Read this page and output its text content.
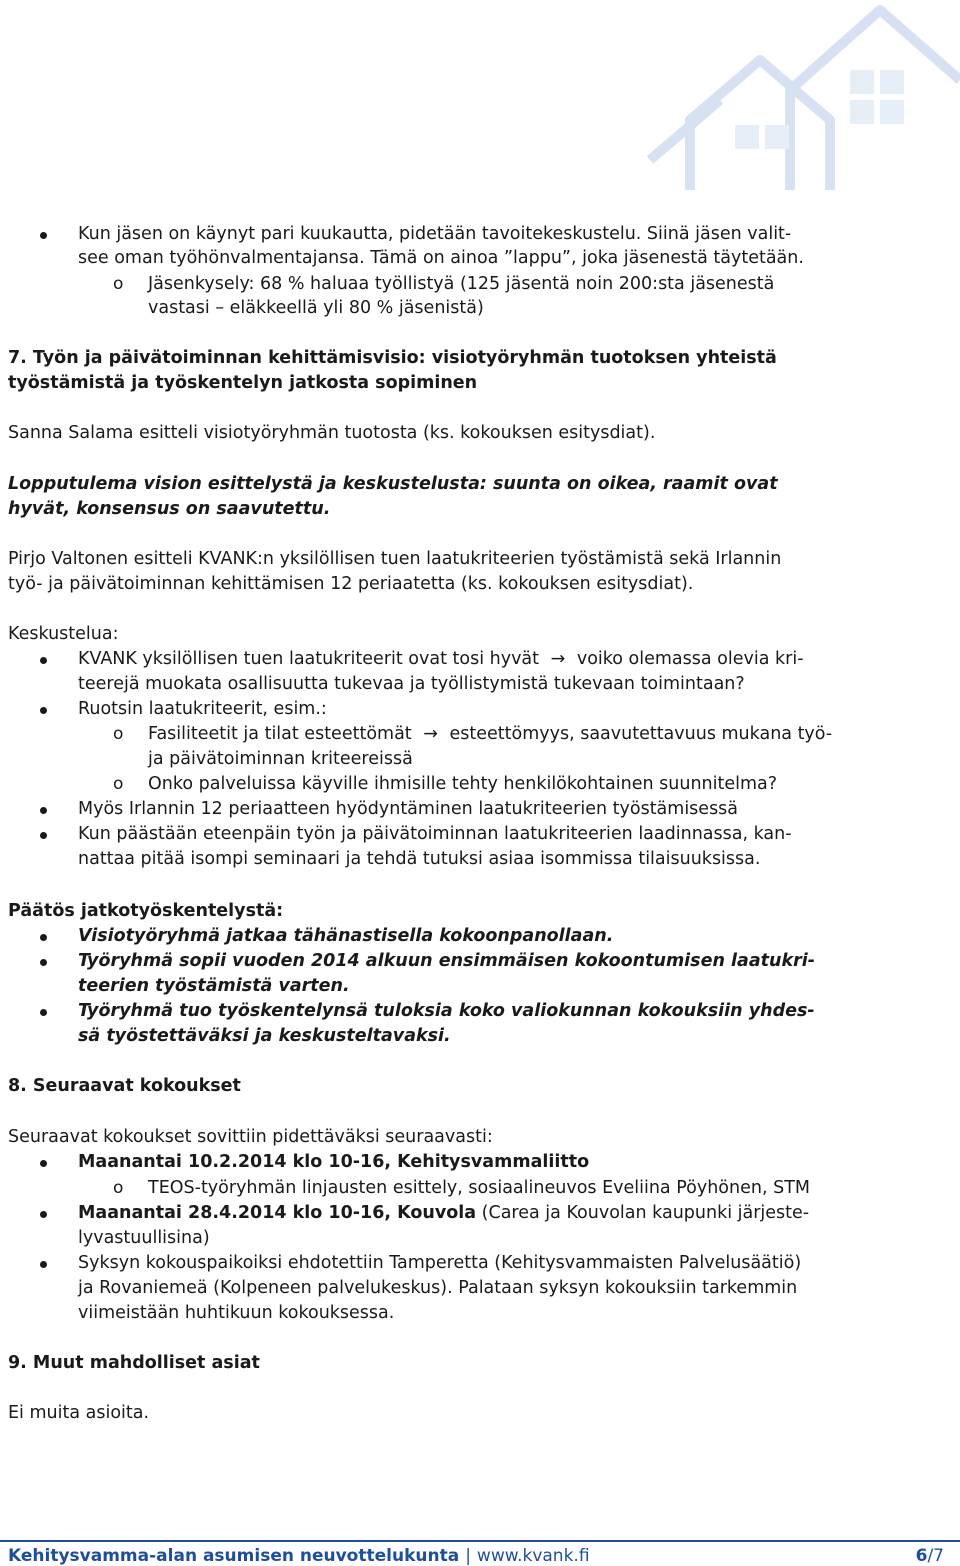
Kun jäsen on käynyt pari kuukautta, pidetään tavoitekeskustelu. Siinä jäsen valit-
see oman työhönvalmentajansa. Tämä on ainoa ”lappu”, joka jäsenestä täytetään.
o Jäsenkysely: 68 % haluaa työllistyä (125 jäsentä noin 200:sta jäsenestä
vastasi – eläkkeellä yli 80 % jäsenistä)
7. Työn ja päivätoiminnan kehittämisvisio: visiotyöryhmän tuotoksen yhteistä
työstämistä ja työskentelyn jatkosta sopiminen
Sanna Salama esitteli visiotyöryhmän tuotosta (ks. kokouksen esitysdiat).
Lopputulema vision esittelystä ja keskustelusta: suunta on oikea, raamit ovat
hyvät, konsensus on saavutettu.
Pirjo Valtonen esitteli KVANK:n yksilöllisen tuen laatukriteerien työstämistä sekä Irlannin
työ- ja päivätoiminnan kehittämisen 12 periaatetta (ks. kokouksen esitysdiat).
Keskustelua:
KVANK yksilöllisen tuen laatukriteerit ovat tosi hyvät → voiko olemassa olevia kri-
teerejä muokata osallisuutta tukevaa ja työllistymistä tukevaan toimintaan?
Ruotsin laatukriteerit, esim.:
o Fasiliteetit ja tilat esteettömät → esteettömyys, saavutettavuus mukana työ-
ja päivätoiminnan kriteereissä
o Onko palveluissa käyville ihmisille tehty henkilökohtainen suunnitelma?
Myös Irlannin 12 periaatteen hyödyntäminen laatukriteerien työstämisessä
Kun päästään eteenpäin työn ja päivätoiminnan laatukriteerien laadinnassa, kan-
nattaa pitää isompi seminaari ja tehdä tutuksi asiaa isommissa tilaisuuksissa.
Päätös jatkotyöskentelystä:
Visiotyöryhmä jatkaa tähänastisella kokoonpanollaan.
Työryhmä sopii vuoden 2014 alkuun ensimmäisen kokoontumisen laatukri-
teerien työstämistä varten.
Työryhmä tuo työskentelynsä tuloksia koko valiokunnan kokouksiin yhdes-
sä työstettäväksi ja keskusteltavaksi.
8. Seuraavat kokoukset
Seuraavat kokoukset sovittiin pidettäväksi seuraavasti:
Maanantai 10.2.2014 klo 10-16, Kehitysvammaliitto
o TEOS-työryhmän linjausten esittely, sosiaalineuvos Eveliina Pöyhönen, STM
Maanantai 28.4.2014 klo 10-16, Kouvola (Carea ja Kouvolan kaupunki järjeste-
lyvastuullisina)
Syksyn kokouspaikoiksi ehdotettiin Tamperetta (Kehitysvammaisten Palvelusäätiö)
ja Rovaniemeä (Kolpeneen palvelukeskus). Palataan syksyn kokouksiin tarkemmin
viimeistään huhtikuun kokouksessa.
9. Muut mahdolliset asiat
Ei muita asioita.
Kehitysvamma-alan asumisen neuvottelukunta | www.kvank.fi	6/7
